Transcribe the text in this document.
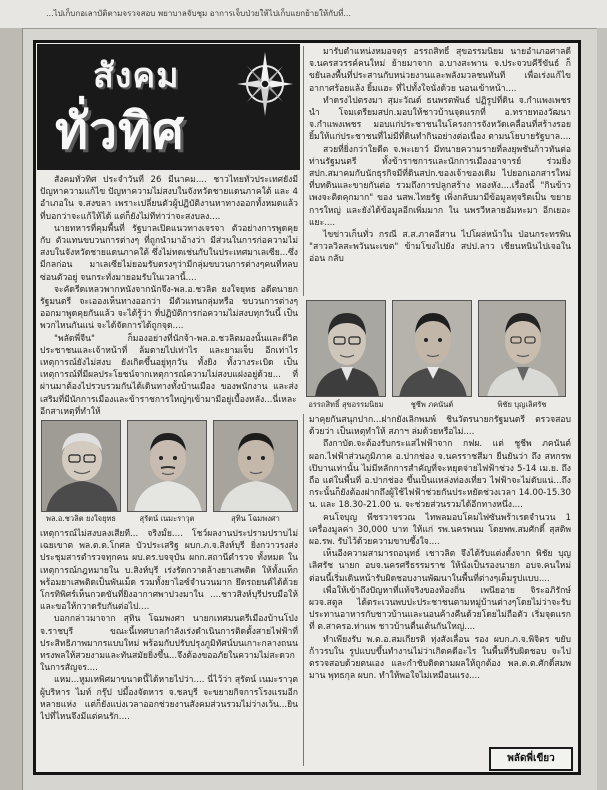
...ไปเก็บกอเลาบัติตามจรวจสอบ พยาบาลจับชุม อาการเจ็บป่วยให้ไปเก็บแยกย้ายให้กับที่...
สังคม
ทั่วทิศ

สังคมทั่วทิศ ประจำวันที่ 26 มีนาคม.... ชาวไทยทั่วประเทศยังมีปัญหาความแก้ไข ปัญหาความไม่สงบในจังหวัดชายแดนภาคใต้ และ 4 อำเภอใน จ.สงขลา เพราะเปลี่ยนตัวผู้ปฏิบัติงานหาทางออกทั้งหมดแล้วที่บอกว่าจะแก้ให้ได้ แต่ก็ยังไม่ทีท่าว่าจะสงบลง....

นายทหารที่คุมพื้นที่ รัฐบาลเปิดแนวทางเจรจา ตัวอย่างการพูดคุยกับ ตัวแทนขบวนการต่างๆ ที่ถูกนำมาอ้างว่า มีส่วนในการก่อความไม่สงบในจังหวัดชายแดนภาคใต้ ซึ่งไม่ทดเช่นกับในประเทศมาเลเซีย...ซึ่งมีกลก่อน มาเลเซียไม่ยอมรับตรงๆว่ามีกลุ่มขบวนการต่างๆคนที่หลบซ่อนตัวอยู่ จนกระทั่งมายอมรับในเวลานี้....

จะคัดรีดเหลวพากหนังจากนักจึง-พล.อ.ชวลิต ยงใจยุทธ อดีตนายกรัฐมนตรี จะเอองเห็นทางออกว่า มีตัวแทนกลุ่มหรือ ขบวนการต่างๆ ออกมาพูดคุยกันแล้ว จะได้รู้ว่า ที่ปฏิบัติการก่อความไม่สงบทุกวันนี้ เป็นพวกไหนกันแน่ จะได้จัดการได้ถูกจุด....

"พลัดพี่จีน" ก็มองอย่างที่นักจ้า-พล.อ.ชวลิตมองนั้นและดีวิตประชาชนและเจ้าหน้าที่ ล้มตายไปเท่าไร และยามเจ็บ อีกเท่าไร เหตุการณ์ยังไม่สงบ ยังเกิดขึ้นอยู่ทุกวัน ทั้งยิง ทั้งวางระเบิด เป็นเหตุการณ์ที่มีผลประโยชน์จากเหตุการณ์ความไม่สงบแฝงอยู่ด้วย... ที่ผ่านมาต้องไปรวบรวมกันได้เดินทางทั้งบ้านเมือง ของพนักงาน และส่งเสริมที่มีนักการเมืองและข้าราชการใหญ่ๆเข้ามามีอยู่เบื้องหลัง...นี่เหละอีกสาเหตุที่ทำให้

มารับตำแหน่งหมอจตุร อรรถสิทธิ์ สุขอรรมนิยม นายอำเภอศาลดี จ.นครสวรรค์คนใหม่ ย้ายมาจาก อ.บางสะพาน จ.ประจวบคีรีขันธ์ ก็ขยันลงพื้นที่ประสานกับหน่วยงานและพลังมวลชนทันที เพื่อเร่งแก้ไขอากาศร้อยแล้ง ยิ้มแฮะ ที่ไปทั้งใจนั่งด้วย นอนเข้าหน้า....

ทำดรงไปตรงมา สุมะวัณด์ ธนพรตพันธ์ ปฏิรูปที่ดิน จ.กำแพงเพชร นำ โจมเตรียมสปก.มอบให้ชาวบ้านจุดแรกที่ อ.ทรายทองวัฒนา จ.กำแพงเพชร มอบแก่ประชาชนในโครงการจังหวัดเคลื่อนที่สร้างรอยยิ้มให้แก่ประชาชนที่ไม่มีที่ดินทำกินอย่างต่อเนื่อง ตามนโยบายรัฐบาล....

สวยที่ยิ่งกว่าใยดีต จ.พะเยาว์ มีทนายความรายที่ลงยุพชันก้าวทันต่อท่านรัฐมนตรี ทั้งข้าราชการและนักการเมืองอาจารย์ ร่วมยิ่ง สปก.สมาคมกับนักธุรกิจมีที่ดินสปก.ของเจ้าของเดิม ไปยอกเอกสารใหม่ที่บทดินและขายกันต่อ รวมถึงการปลูกสร้าง ทองหัง....เรื่องนี้ "กินข้าวเพงจะติดคุกมาก" ของ นสพ.ไทยรัฐ เพิ่งกลับมามีข้อมูลทุจริตเป็น ขยายการใหญ่ และยังได้ข้อมูลอีกเพิ่มมาก ใน นพรวีหลายอัมหะมา อีกเยอะแยะ....

ไขข่าวเก็นทั่ว กรณี ส.ส.ภาคอีสาน ไปโผล่หน้าใน ป่อนกระทรพิน "สาวลวิลสะพวันนะเขต" ข้ามโขงไปยัง สปป.ลาว เชียนหนินไปเจอในอ่อน กลับ

อรรถสิทธิ์ สุขอรรมนิยม	ชูชีพ ภคนันต์	พิชัย บุญเลิศรัช
พล.อ.ชวลิต ยงใจยุทธ	สุรัตน์ เนมะราวุต	สุทิน โฉมพงศา

เหตุการณ์ไม่สงบลงเสียที... จริงมั้ย.... โชว์ผลงานประปรามปราบไม่ เฉยเขาต พล.ต.ต.โกศล บัวประเสริฐ ผบก.ภ.จ.สิงห์บุรี ยิ่งกวาวรงส่งประชุมสารตำรวจทุกคน ผบ.ตร.บจจุบัน ผกก.สถานีตำรวจ ทั้งหมด ในเหตุการณ์กฎหมายใน บ.สิงห์บุรี เร่งรัดกวาดล้างยาเสพติด ให้ทั้งแท็ก พร้อมยาเสพติดเป็นพันเม็ด รวมทั้งยาไอซ์จำนวนมาก ยึดรถยนต์ได้ด้วย โกรทิพิศร์เห็นกวดขันที่ยิงอากาศพาปวงมาใน ....ชาวสิงห์บุรีปรบมือให้ และขอให้กวาดรับกันต่อไป....

บอกกล่าวมาจาก สุทิน โฉมพงศา นายกเทศมนตรีเมืองบ้านโป่ง จ.ราชบุรี ขณะนี้เทศบาลกำลังเร่งดำเนินการติดตั้งสายไฟฟ้าที่ประสิทธิภาพมากรแบบใหม่ พร้อมกับปรับปรุงภูมิทัศน์บนเกาะกลางถนนทรงพลให้สวยงามและทันสมัยยิ่งขึ้น...จึงต้องขออภัยในความไม่สะดวกในการสัญจร....

แหม...หูมเหพิศมาขนาดนี้ได้หายไปว่า.... นี่ไว้ว่า สุรัตน์ เนมะราวุต ผู้บริหาร ไมท์ กรุ๊ป ปมี้องจัดหาร จ.ชลบุรี จะขยายกิจการโรงแรมอีกหลายแห่ง แต่ก็ยังแบ่งเวลาออกช่วยงานสังคมส่วนรวมไม่ว่างเว้น...ยินไปที่ไหนจึงมีแต่คนรัก....

มาคุยกันสนุกปาก...ฝากยังเลิกพมพ์ ชินวัตรนายกรัฐมนตรี ตรวจสอบด้วยว่า เป็นเหตุทำให้ สภาฯ ล่มด้วยหรือไม่....

ถึงกาบัด.จะต้องรับกระแสไฟฟ้าจาก กฟผ. แต่ ชูชีพ ภคนันต์ ผอก.ไฟฟ้าส่วนภูมิภาค อ.ปากช่อง จ.นครราชสีมา ยืนยันว่า ถึง สหกรพเปิบานเท่านั้น ไม่มีหลักการสำคัญที่จะหยุดจ่ายไฟฟ้าช่วง 5-14 เม.ย. ถึงถือ แต่ในพื้นที่ อ.ปากช่อง ขึ้นเป็นแหล่งท่องเที่ยว ไฟฟ้าจะไม่ดับแน่...ถึงกระนั้นก็ยังต้องฝากถึงผู้ใช้ไฟฟ้าช่วยกันประหยัดช่วงเวลา 14.00-15.30 น. และ 18.30-21.00 น. จะช่วยส่วนรวมได้อีกทางหนึ่ง....

คนโจบุญ พีชรวาจรวณ ไทพลมอบโคมไฟซันพร้าเรดจำนวน 1 เครื่องมูลค่า 30,000 บาท ให้แก่ รพ.นครพนม โดยพพ.สมศักดิ์ สุสติพ ผอ.รพ. รับไว้ด้วยความขาบซึ้งใจ....

เห็นอีงความสามารถอนุทธ์ เชาวลิต จึงได้รับแต่งตั้งจาก พิชัย บุญเลิศรัช นายก อบจ.นครศรีธรรมราช ให้นั่งเป็นรองนายก อบจ.คนใหม่ ต่อนนี้เริ่มเดินหน้ารับผิดชอบงานพัฒนาในพื้นที่ต่างๆเต็มรูปแบบ....

เพื่อให้เข้าถึงปัญหาที่แท้จริงของท้องถิ่น เพนียอาย จิระอภิรักษ์ ผวจ.สตูล ได้ตระเวนพบปะประชาชนตามหมู่บ้านต่างๆโดยไม่ว่าจะรับประทานอาหารกับชาวบ้านและนอนค้างคืนด้วยโดยไม่ถือตัว เริ่มจุดแรกที่ ต.สาครอ.ท่าแพ ชาวบ้านตื่นเต้นกันใหญ่....

ทำเพียงรับ พ.ต.อ.สมเกียรติ ทุ่งสังเลื่อน รอง ผบก.ภ.จ.พิจิตร ขยับก้าวรบใน รูปแบบขึ้นทำงานไม่ว่าเกิดคดีอะไร ในพื้นที่รับผิดชอบ จะไปตรวจสอบด้วยตนเอง และกำชับติดตามผลให้ถูกต้อง พล.ต.ต.ศักดิ์สมพมาน พุทธกุล ผบก. ทำให้พอใจไม่เหมือนแรง....

พลัดพี่เขียว
